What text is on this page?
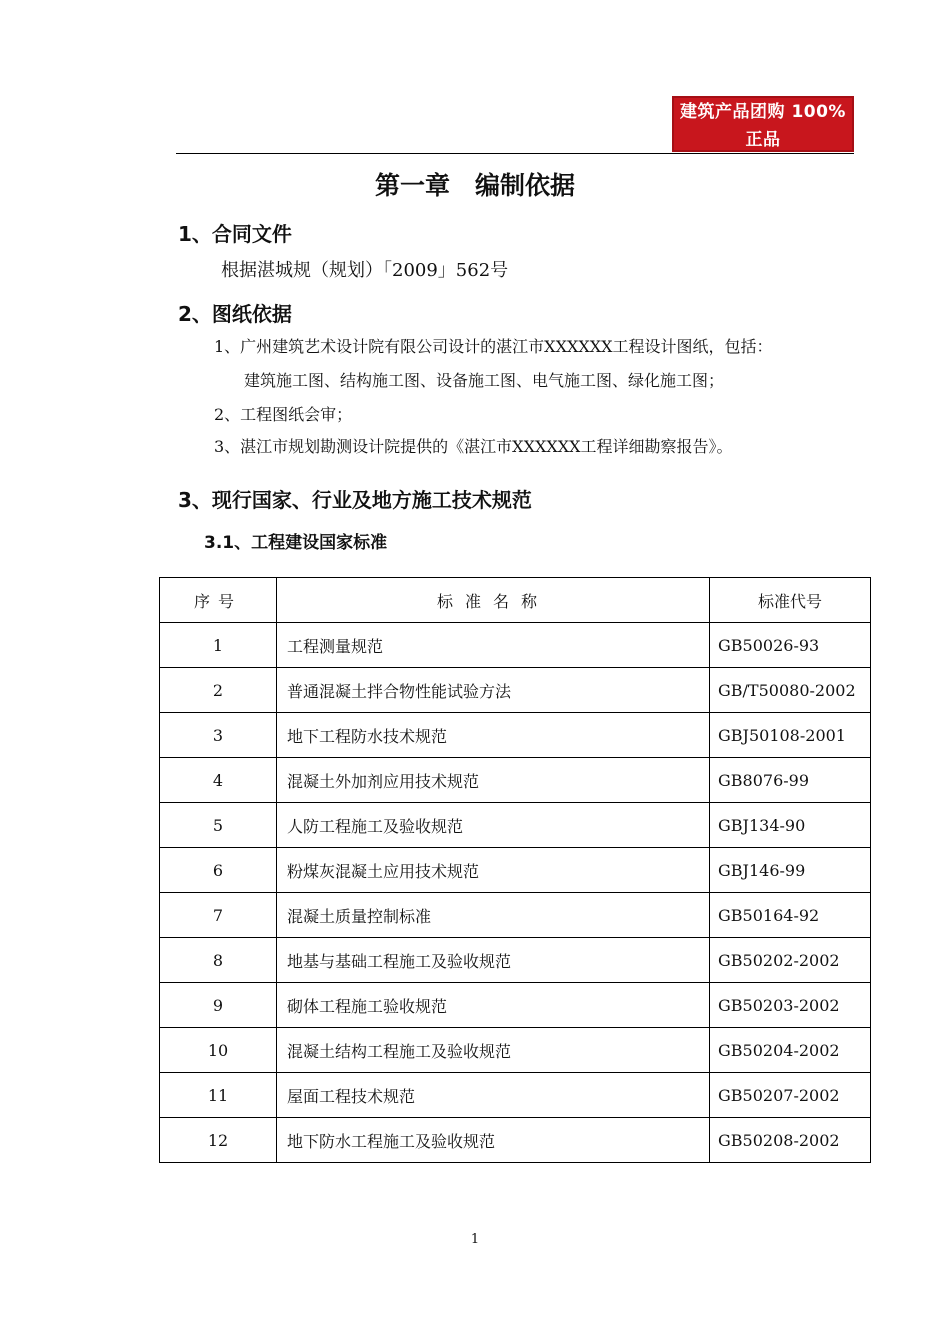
建筑产品团购 100%正品
www.kutrue.com
第一章　编制依据
1、合同文件
根据湛城规（规划）「2009」562号
2、图纸依据
1、广州建筑艺术设计院有限公司设计的湛江市XXXXXX工程设计图纸，包括：
建筑施工图、结构施工图、设备施工图、电气施工图、绿化施工图；
2、工程图纸会审；
3、湛江市规划勘测设计院提供的《湛江市XXXXXX工程详细勘察报告》。
3、现行国家、行业及地方施工技术规范
3.1、工程建设国家标准
序号	标准名称	标准代号
1	工程测量规范	GB50026-93
2	普通混凝土拌合物性能试验方法	GB/T50080-2002
3	地下工程防水技术规范	GBJ50108-2001
4	混凝土外加剂应用技术规范	GB8076-99
5	人防工程施工及验收规范	GBJ134-90
6	粉煤灰混凝土应用技术规范	GBJ146-99
7	混凝土质量控制标准	GB50164-92
8	地基与基础工程施工及验收规范	GB50202-2002
9	砌体工程施工验收规范	GB50203-2002
10	混凝土结构工程施工及验收规范	GB50204-2002
11	屋面工程技术规范	GB50207-2002
12	地下防水工程施工及验收规范	GB50208-2002
1
